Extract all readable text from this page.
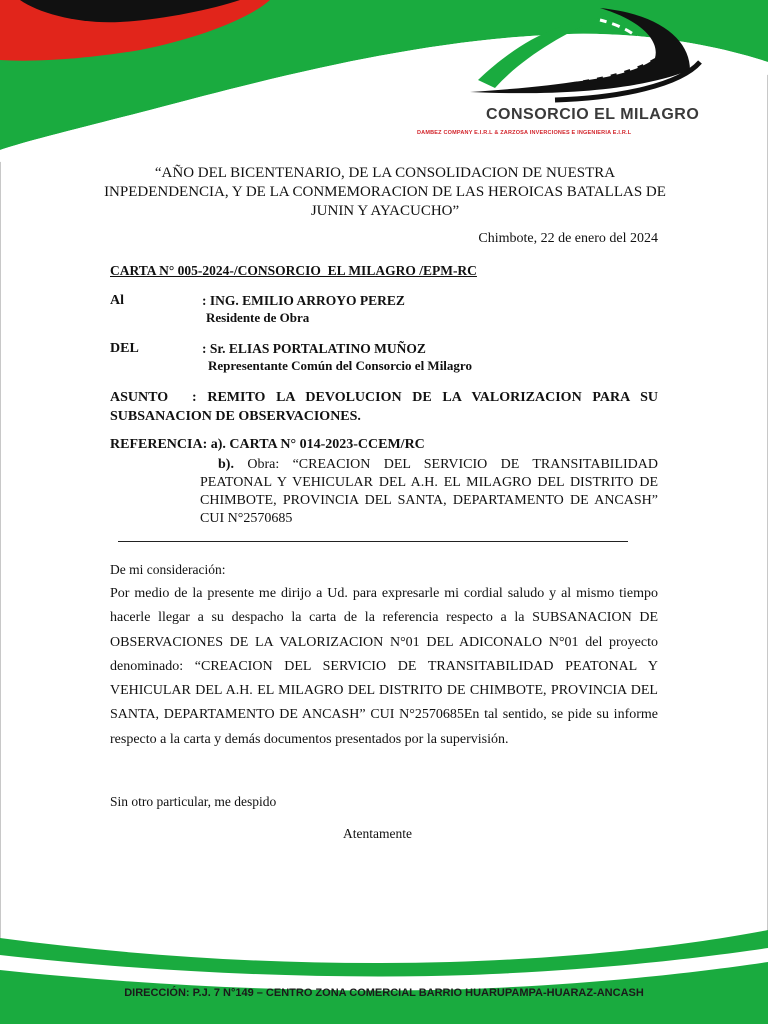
CONSORCIO EL MILAGRO
DAMBEZ COMPANY E.I.R.L & ZARZOSA INVERCIONES E INGENIERIA E.I.R.L
“AÑO DEL BICENTENARIO, DE LA CONSOLIDACION DE NUESTRA INPEDENDENCIA, Y DE LA CONMEMORACION DE LAS HEROICAS BATALLAS DE JUNIN Y AYACUCHO”
Chimbote, 22 de enero del 2024
CARTA N° 005-2024-/CONSORCIO_EL MILAGRO /EPM-RC
Al	: ING. EMILIO ARROYO PEREZ
Residente de Obra
DEL	: Sr. ELIAS PORTALATINO MUÑOZ
Representante Común del Consorcio el Milagro
ASUNTO : REMITO LA DEVOLUCION DE LA VALORIZACION PARA SU SUBSANACION DE OBSERVACIONES.
REFERENCIA: a). CARTA N° 014-2023-CCEM/RC
b). Obra: “CREACION DEL SERVICIO DE TRANSITABILIDAD PEATONAL Y VEHICULAR DEL A.H. EL MILAGRO DEL DISTRITO DE CHIMBOTE, PROVINCIA DEL SANTA, DEPARTAMENTO DE ANCASH” CUI N°2570685
De mi consideración:
Por medio de la presente me dirijo a Ud. para expresarle mi cordial saludo y al mismo tiempo hacerle llegar a su despacho la carta de la referencia respecto a la SUBSANACION DE OBSERVACIONES DE LA VALORIZACION N°01 DEL ADICONALO N°01 del proyecto denominado: “CREACION DEL SERVICIO DE TRANSITABILIDAD PEATONAL Y VEHICULAR DEL A.H. EL MILAGRO DEL DISTRITO DE CHIMBOTE, PROVINCIA DEL SANTA, DEPARTAMENTO DE ANCASH” CUI N°2570685En tal sentido, se pide su informe respecto a la carta y demás documentos presentados por la supervisión.
Sin otro particular, me despido
Atentamente
DIRECCIÓN: P.J. 7 N°149 – CENTRO ZONA COMERCIAL BARRIO HUARUPAMPA-HUARAZ-ANCASH
